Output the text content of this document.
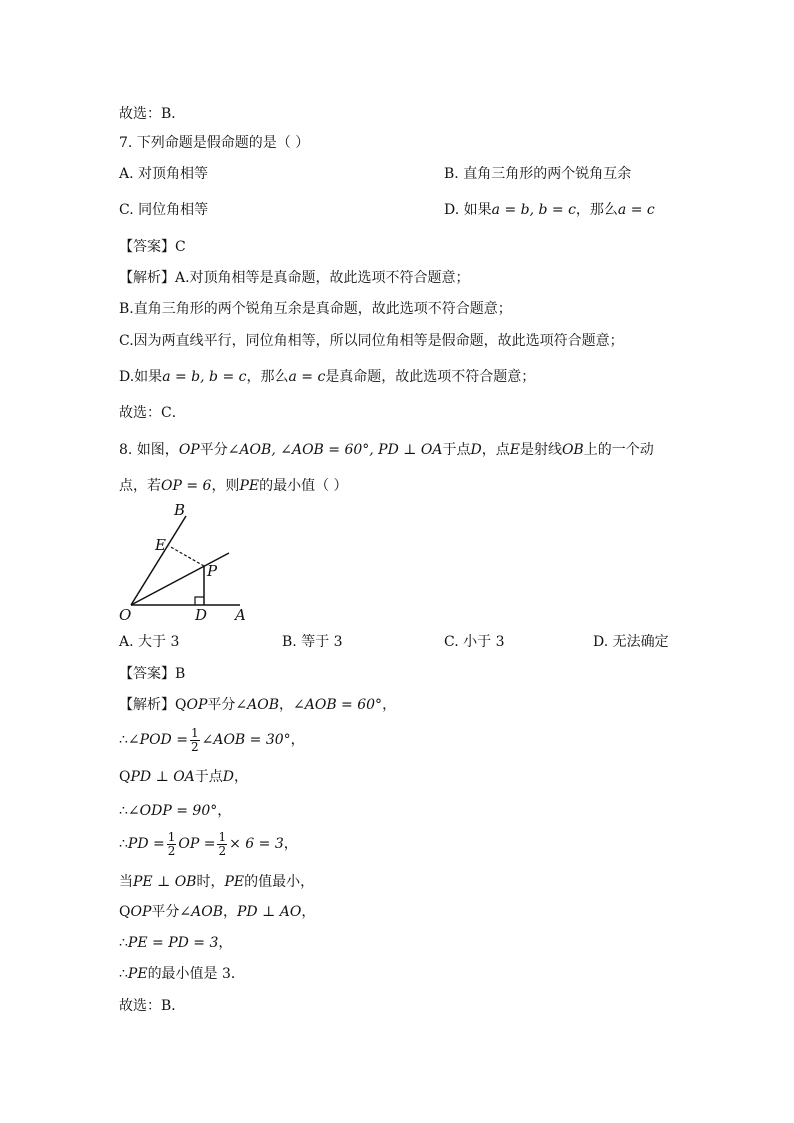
故选：B．
7. 下列命题是假命题的是（ ）
A. 对顶角相等	B. 直角三角形的两个锐角互余
C. 同位角相等	D. 如果a = b, b = c，那么a = c
【答案】C
【解析】A.对顶角相等是真命题，故此选项不符合题意；
B.直角三角形的两个锐角互余是真命题，故此选项不符合题意；
C.因为两直线平行，同位角相等，所以同位角相等是假命题，故此选项符合题意；
D.如果a = b, b = c，那么a = c是真命题，故此选项不符合题意；
故选：C．
8. 如图，OP平分∠AOB, ∠AOB = 60°, PD ⊥ OA于点D，点E是射线OB上的一个动
点，若OP = 6，则PE的最小值（ ）
B
E
P
O	D A
A. 大于 3	B. 等于 3	C. 小于 3	D. 无法确定
【答案】B
【解析】QOP平分∠AOB，∠AOB = 60°，
∴∠POD = $\frac{1}{2}$ ∠AOB = 30°，
QPD ⊥ OA于点D，
∴∠ODP = 90°，
∴PD = $\frac{1}{2}$ OP = $\frac{1}{2} \times 6 = 3$，
当PE ⊥ OB时，PE的值最小，
QOP平分∠AOB，PD ⊥ AO，
∴PE = PD = 3，
∴PE的最小值是 3．
故选：B．
